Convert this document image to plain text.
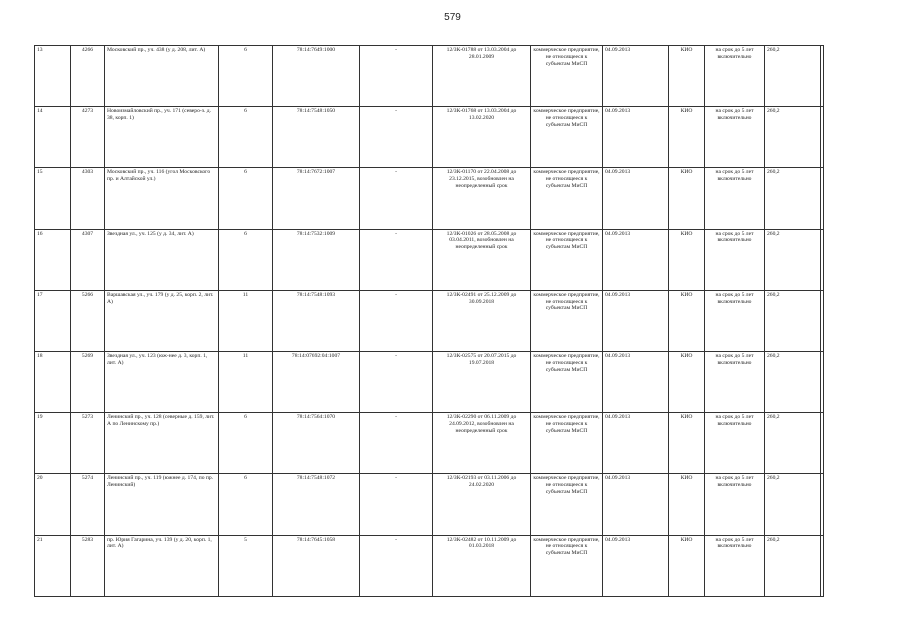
579
13	4266	Московский пр., уч. 438 (у д. 208, лит. А)	6	78:14:7649:1000	-	12/ЗК-01788 от 13.03.2004 до 28.01.2009	коммерческое предприятие, не относящееся к субъектам МиСП	04.09.2013	КИО	на срок до 5 лет включительно	260,2	
14	4273	Новоизмайловский пр., уч. 171 (северо-з. д. 38, корп. 1)	6	78:14:7548:1050	-	12/ЗК-01768 от 13.03.2004 до 13.02.2020	коммерческое предприятие, не относящееся к субъектам МиСП	04.09.2013	КИО	на срок до 5 лет включительно	260,2	
15	4303	Московский пр., уч. 116 (угол Московского пр. и Алтайской ул.)	6	78:14:7672:1007	-	12/ЗК-01170 от 22.04.2008 до 23.12.2015, возобновлен на неопределенный срок	коммерческое предприятие, не относящееся к субъектам МиСП	04.09.2013	КИО	на срок до 5 лет включительно	260,2	
16	4307	Звездная ул., уч. 125 (у д. 34, лит. А)	6	78:14:7532:1009	-	12/ЗК-01026 от 28.05.2008 до 03.04.2011, возобновлен на неопределенный срок	коммерческое предприятие, не относящееся к субъектам МиСП	04.09.2013	КИО	на срок до 5 лет включительно	260,2	
17	5266	Варшавская ул., уч. 179 (у д. 25, корп. 2, лит. А)	11	78:14:7548:1093	-	12/ЗК-02491 от 25.12.2009 до 30.09.2018	коммерческое предприятие, не относящееся к субъектам МиСП	04.09.2013	КИО	на срок до 5 лет включительно	260,2	
18	5269	Звездная ул., уч. 123 (юж-нее д. 3, корп. 1, лит. А)	11	78:14:07692:04:1007	-	12/ЗК-02575 от 20.07.2015 до 19.07.2018	коммерческое предприятие, не относящееся к субъектам МиСП	04.09.2013	КИО	на срок до 5 лет включительно	260,2	
19	5273	Ленинский пр., уч. 128 (северные д. 159, лит. А по Ленинскому пр.)	6	78:14:7564:1070	-	12/ЗК-02290 от 06.11.2009 до 24.09.2012, возобновлен на неопределенный срок	коммерческое предприятие, не относящееся к субъектам МиСП	04.09.2013	КИО	на срок до 5 лет включительно	260,2	
20	5274	Ленинский пр., уч. 119 (южнее д. 174, по пр. Ленинский)	6	78:14:7548:1072	-	12/ЗК-02193 от 03.11.2006 до 24.02.2020	коммерческое предприятие, не относящееся к субъектам МиСП	04.09.2013	КИО	на срок до 5 лет включительно	260,2	
21	5283	пр. Юрия Гагарина, уч. 139 (у д. 20, корп. 1, лит. А)	5	78:14:7645:1058	-	12/ЗК-02482 от 10.11.2009 до 01.03.2018	коммерческое предприятие, не относящееся к субъектам МиСП	04.09.2013	КИО	на срок до 5 лет включительно	260,2	
